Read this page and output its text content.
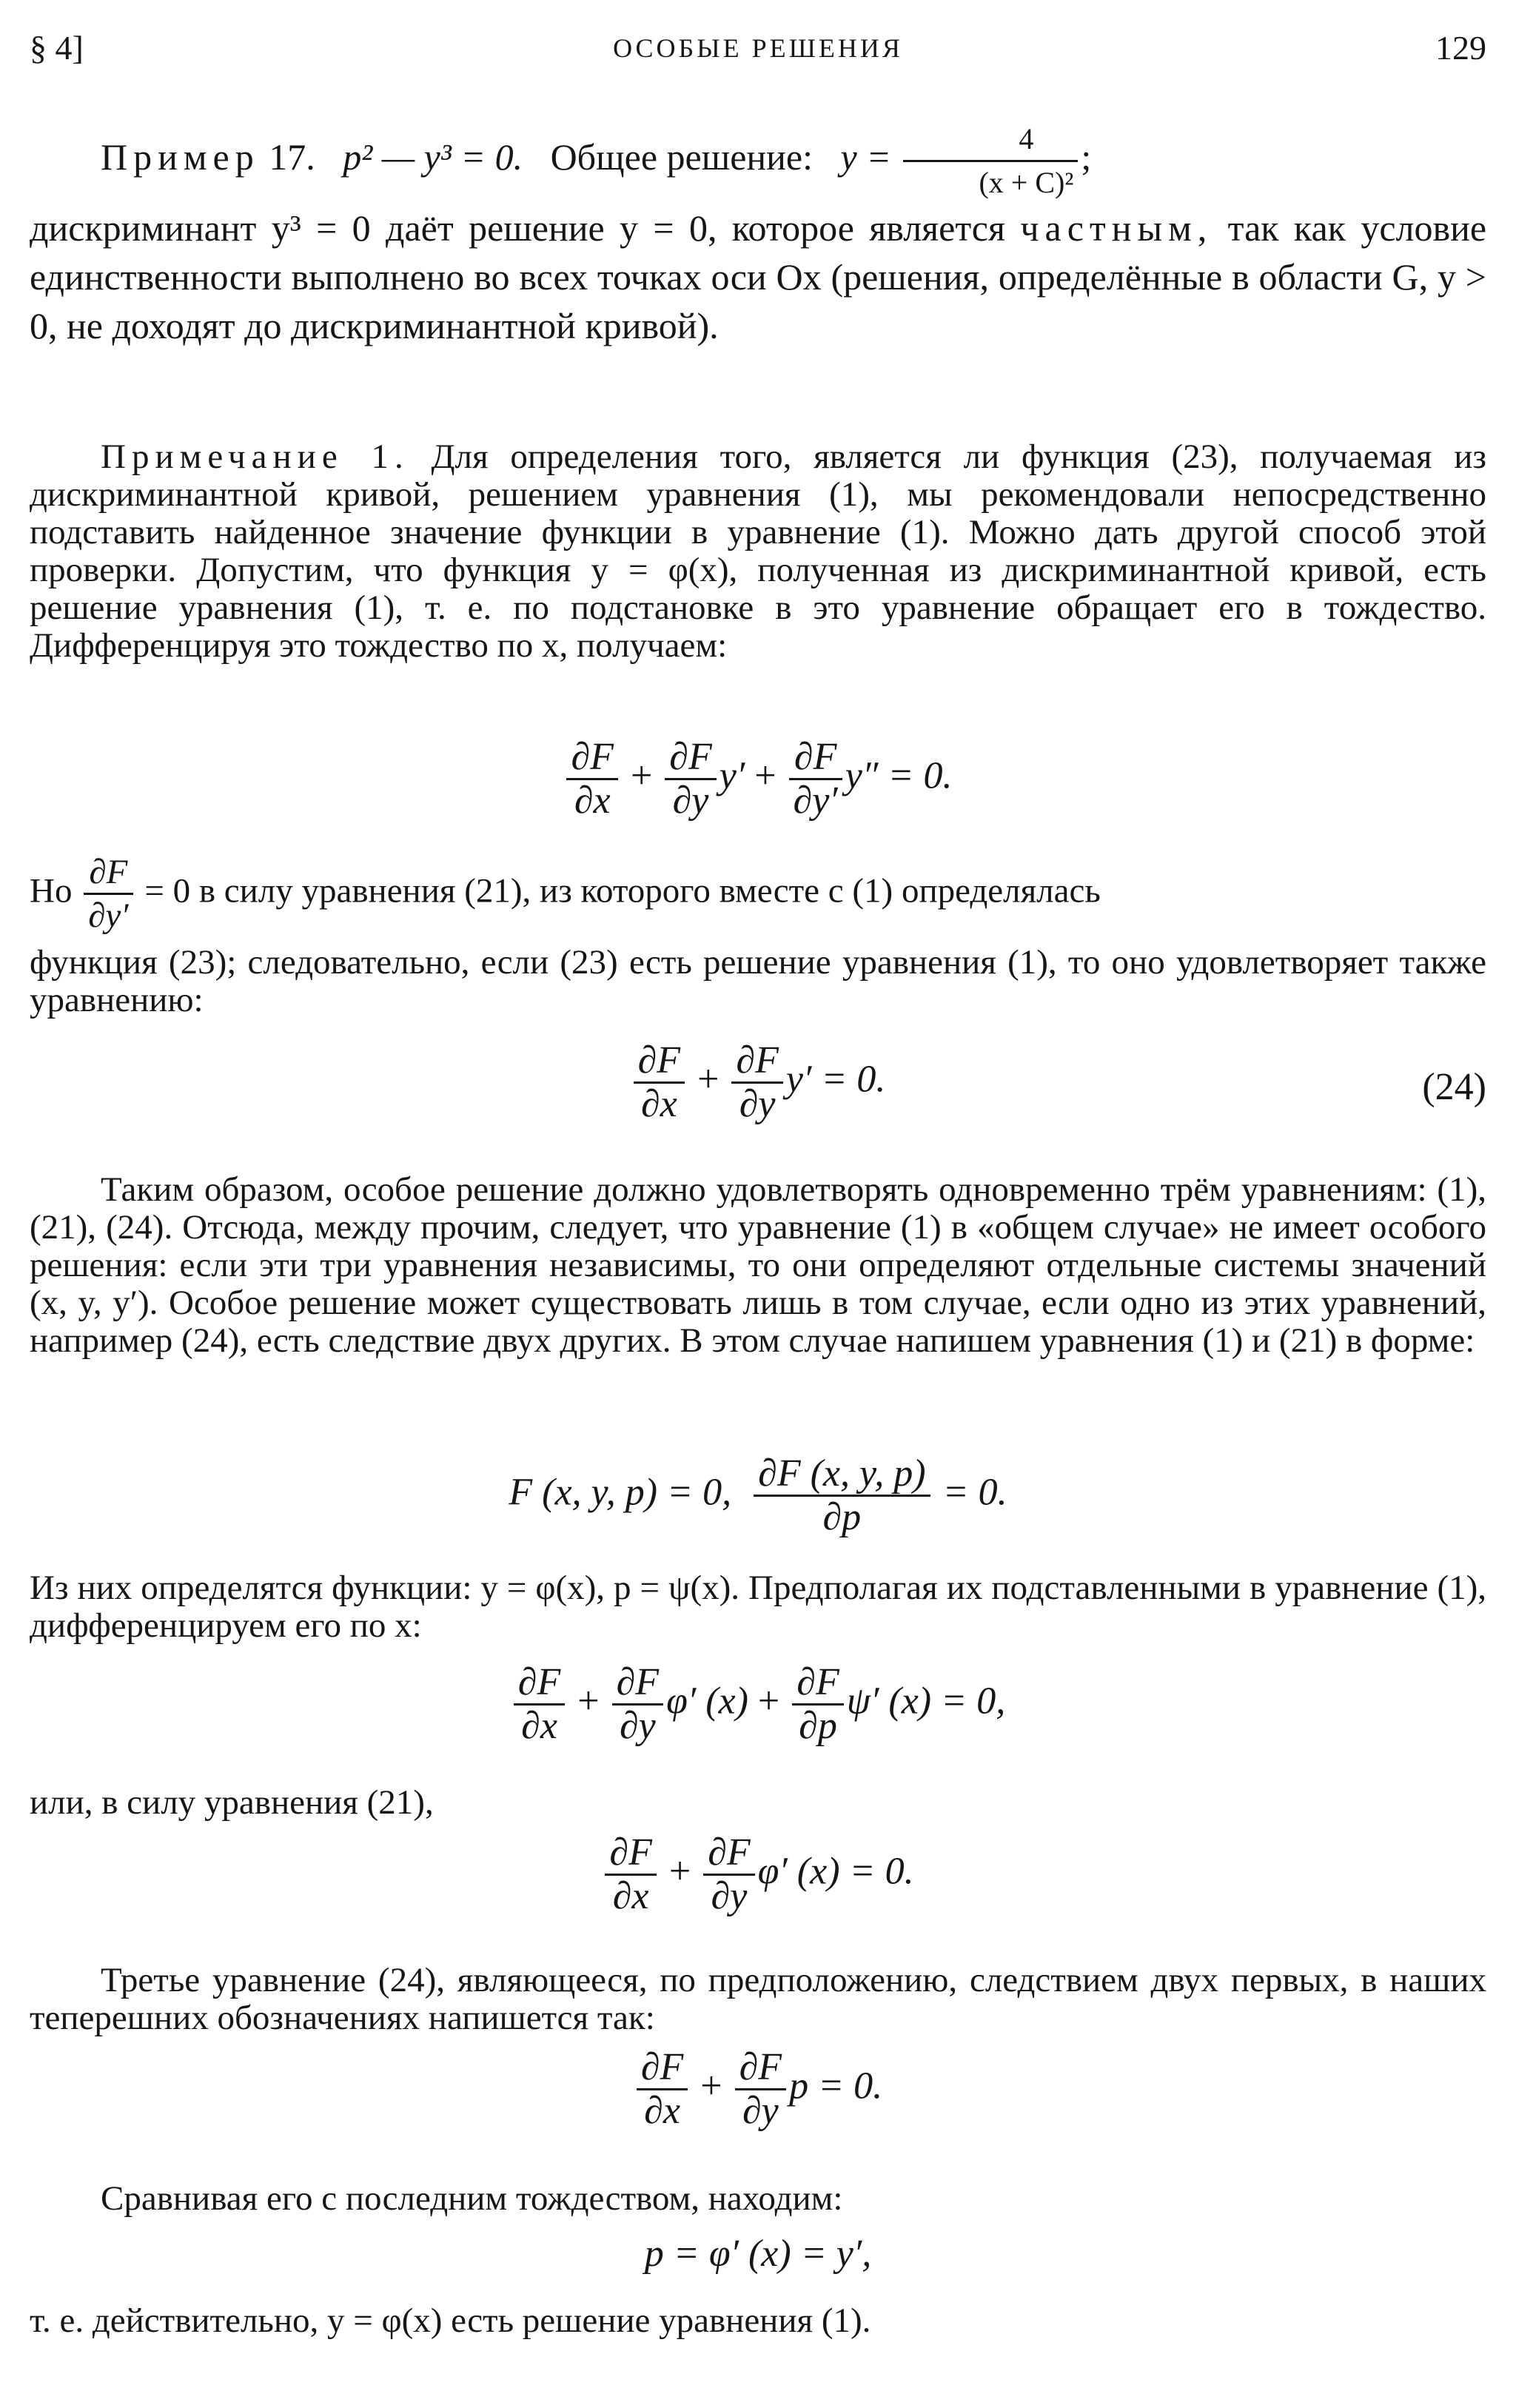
§ 4]	ОСОБЫЕ РЕШЕНИЯ	129
Пример 17. p² — y³ = 0. Общее решение: $y = \frac{4}{\text{(x + C)²}}$ ;
дискриминант y³ = 0 даёт решение y = 0, которое является частным, так как условие единственности выполнено во всех точках оси Ox (решения, определённые в области G, y > 0, не доходят до дискриминантной кривой).
Примечание 1. Для определения того, является ли функция (23), получаемая из дискриминантной кривой, решением уравнения (1), мы рекомендовали непосредственно подставить найденное значение функции в уравнение (1). Можно дать другой способ этой проверки. Допустим, что функция y = φ(x), полученная из дискриминантной кривой, есть решение уравнения (1), т. е. по подстановке в это уравнение обращает его в тождество. Дифференцируя это тождество по x, получаем:
$\frac{\partial F}{\partial x} + \frac{\partial F}{\partial y} y' + \frac{\partial F}{\partial y'} y'' = 0$.
Но $\frac{\partial F}{\partial y'} = 0$ в силу уравнения (21), из которого вместе с (1) определялась
функция (23); следовательно, если (23) есть решение уравнения (1), то оно удовлетворяет также уравнению:
$\frac{\partial F}{\partial x} + \frac{\partial F}{\partial y} y' = 0$.	(24)
Таким образом, особое решение должно удовлетворять одновременно трём уравнениям: (1), (21), (24). Отсюда, между прочим, следует, что уравнение (1) в «общем случае» не имеет особого решения: если эти три уравнения независимы, то они определяют отдельные системы значений (x, y, y′). Особое решение может существовать лишь в том случае, если одно из этих уравнений, например (24), есть следствие двух других. В этом случае напишем уравнения (1) и (21) в форме:
F (x, y, p) = 0, $\frac{\partial F (x, y, p)}{\partial p} = 0$.
Из них определятся функции: y = φ(x), p = ψ(x). Предполагая их подставленными в уравнение (1), дифференцируем его по x:
$\frac{\partial F}{\partial x} + \frac{\partial F}{\partial y} \varphi'$ $(x) + \frac{\partial F}{\partial p} \psi'$ (x) = 0,
или, в силу уравнения (21),
$\frac{\partial F}{\partial x} + \frac{\partial F}{\partial y} \varphi'$ (x) = 0.
Третье уравнение (24), являющееся, по предположению, следствием двух первых, в наших теперешних обозначениях напишется так:
$\frac{\partial F}{\partial x} + \frac{\partial F}{\partial y}$ p = 0.
Сравнивая его с последним тождеством, находим:
p = φ′ (x) = y′,
т. е. действительно, y = φ(x) есть решение уравнения (1).
